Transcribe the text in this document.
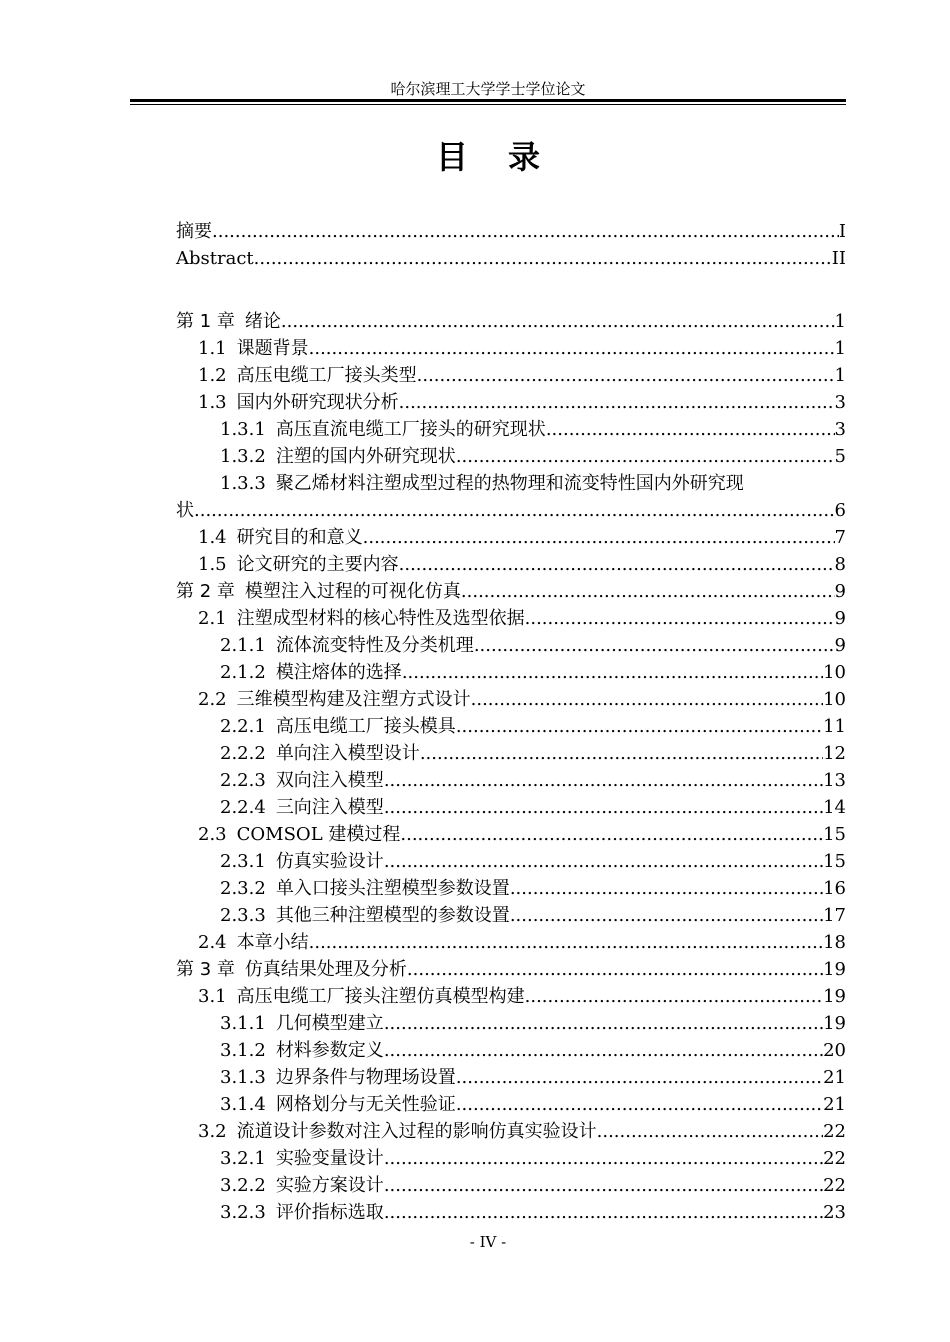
哈尔滨理工大学学士学位论文
目录
摘要 .....	I
Abstract .....	II
第 1 章 绪论 .....	1
1.1 课题背景 .....	1
1.2 高压电缆工厂接头类型 .....	1
1.3 国内外研究现状分析 .....	3
1.3.1 高压直流电缆工厂接头的研究现状 .....	3
1.3.2 注塑的国内外研究现状 .....	5
1.3.3 聚乙烯材料注塑成型过程的热物理和流变特性国内外研究现
状 .....	6
1.4 研究目的和意义 .....	7
1.5 论文研究的主要内容 .....	8
第 2 章 模塑注入过程的可视化仿真 .....	9
2.1 注塑成型材料的核心特性及选型依据 .....	9
2.1.1 流体流变特性及分类机理 .....	9
2.1.2 模注熔体的选择 .....	10
2.2 三维模型构建及注塑方式设计 .....	10
2.2.1 高压电缆工厂接头模具 .....	11
2.2.2 单向注入模型设计 .....	12
2.2.3 双向注入模型 .....	13
2.2.4 三向注入模型 .....	14
2.3 COMSOL 建模过程 .....	15
2.3.1 仿真实验设计 .....	15
2.3.2 单入口接头注塑模型参数设置 .....	16
2.3.3 其他三种注塑模型的参数设置 .....	17
2.4 本章小结 .....	18
第 3 章 仿真结果处理及分析 .....	19
3.1 高压电缆工厂接头注塑仿真模型构建 .....	19
3.1.1 几何模型建立 .....	19
3.1.2 材料参数定义 .....	20
3.1.3 边界条件与物理场设置 .....	21
3.1.4 网格划分与无关性验证 .....	21
3.2 流道设计参数对注入过程的影响仿真实验设计 .....	22
3.2.1 实验变量设计 .....	22
3.2.2 实验方案设计 .....	22
3.2.3 评价指标选取 .....	23
- IV -
